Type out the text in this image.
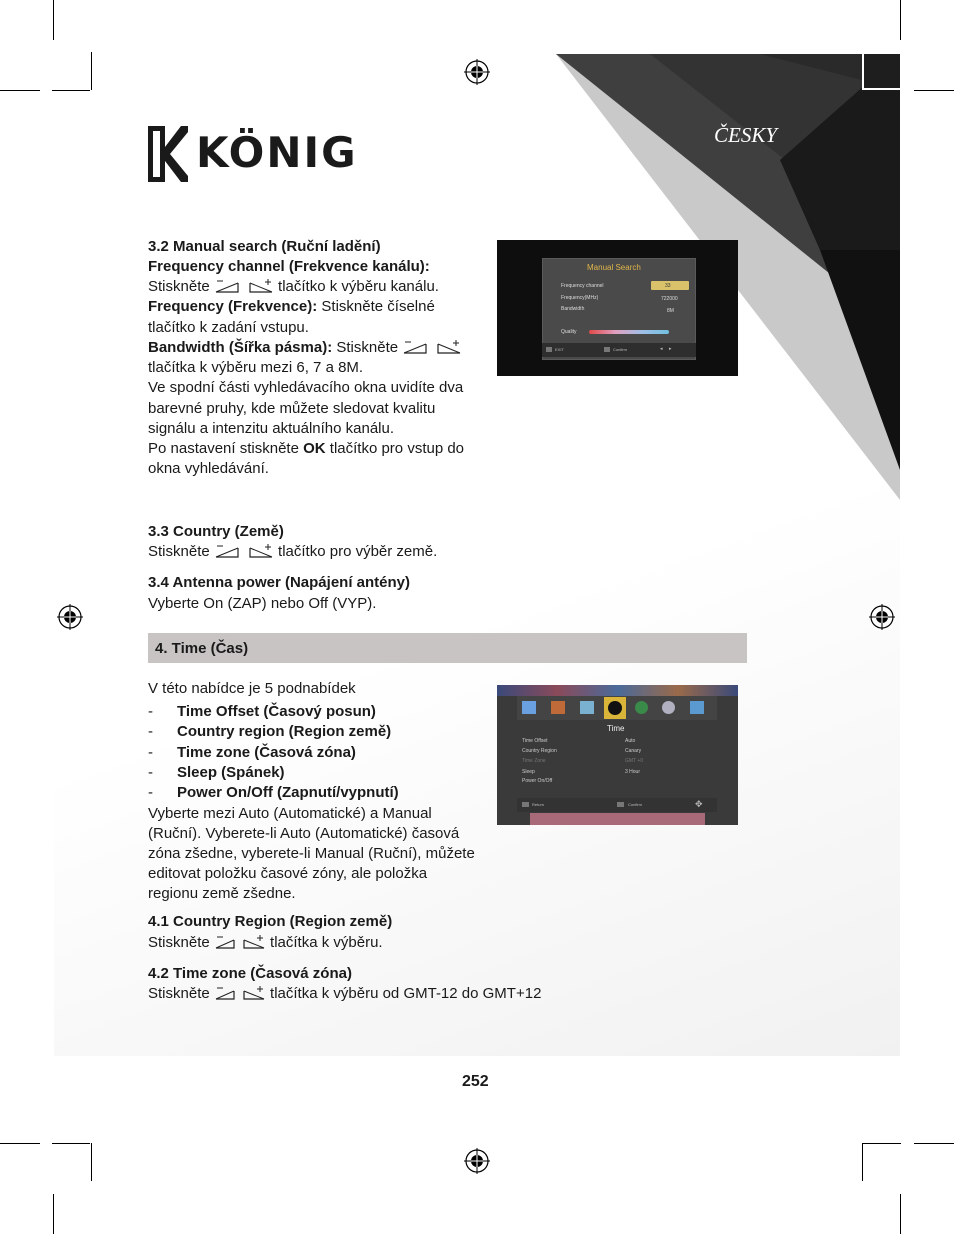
ČESKY
KÖNIG

3.2 Manual search (Ruční ladění)

Frequency channel (Frekvence kanálu):

Stiskněte	tlačítko k výběru kanálu.

Frequency (Frekvence): Stiskněte číselné

tlačítko k zadání vstupu.

Bandwidth (Šířka pásma): Stiskněte

tlačítka k výběru mezi 6, 7 a 8M.

Ve spodní části vyhledávacího okna uvidíte dva

barevné pruhy, kde můžete sledovat kvalitu

signálu a intenzitu aktuálního kanálu.

Po nastavení stiskněte OK tlačítko pro vstup do

okna vyhledávání.

Manual Search
Frequency channel	33
Frequency(MHz)	722000
Bandwidth	8M
Quality
EXIT	Confirm	◂ ▸

3.3 Country (Země)

Stiskněte	tlačítko pro výběr země.

3.4 Antenna power (Napájení antény)

Vyberte On (ZAP) nebo Off (VYP).

4. Time (Čas)

V této nabídce je 5 podnabídek

- Time Offset (Časový posun)
- Country region (Region země)
- Time zone (Časová zóna)
- Sleep (Spánek)
- Power On/Off (Zapnutí/vypnutí)

Vyberte mezi Auto (Automatické) a Manual

(Ruční). Vyberete-li Auto (Automatické) časová

zóna zšedne, vyberete-li Manual (Ruční), můžete

editovat položku časové zóny, ale položka

regionu země zšedne.

Time
Time Offset	Auto
Country Region	Canary
Time Zone	GMT +0
Sleep	3 Hour
Power On/Off
Return	Confirm	✥

4.1 Country Region (Region země)

Stiskněte	tlačítka k výběru.

4.2 Time zone (Časová zóna)

Stiskněte	tlačítka k výběru od GMT-12 do GMT+12

252
